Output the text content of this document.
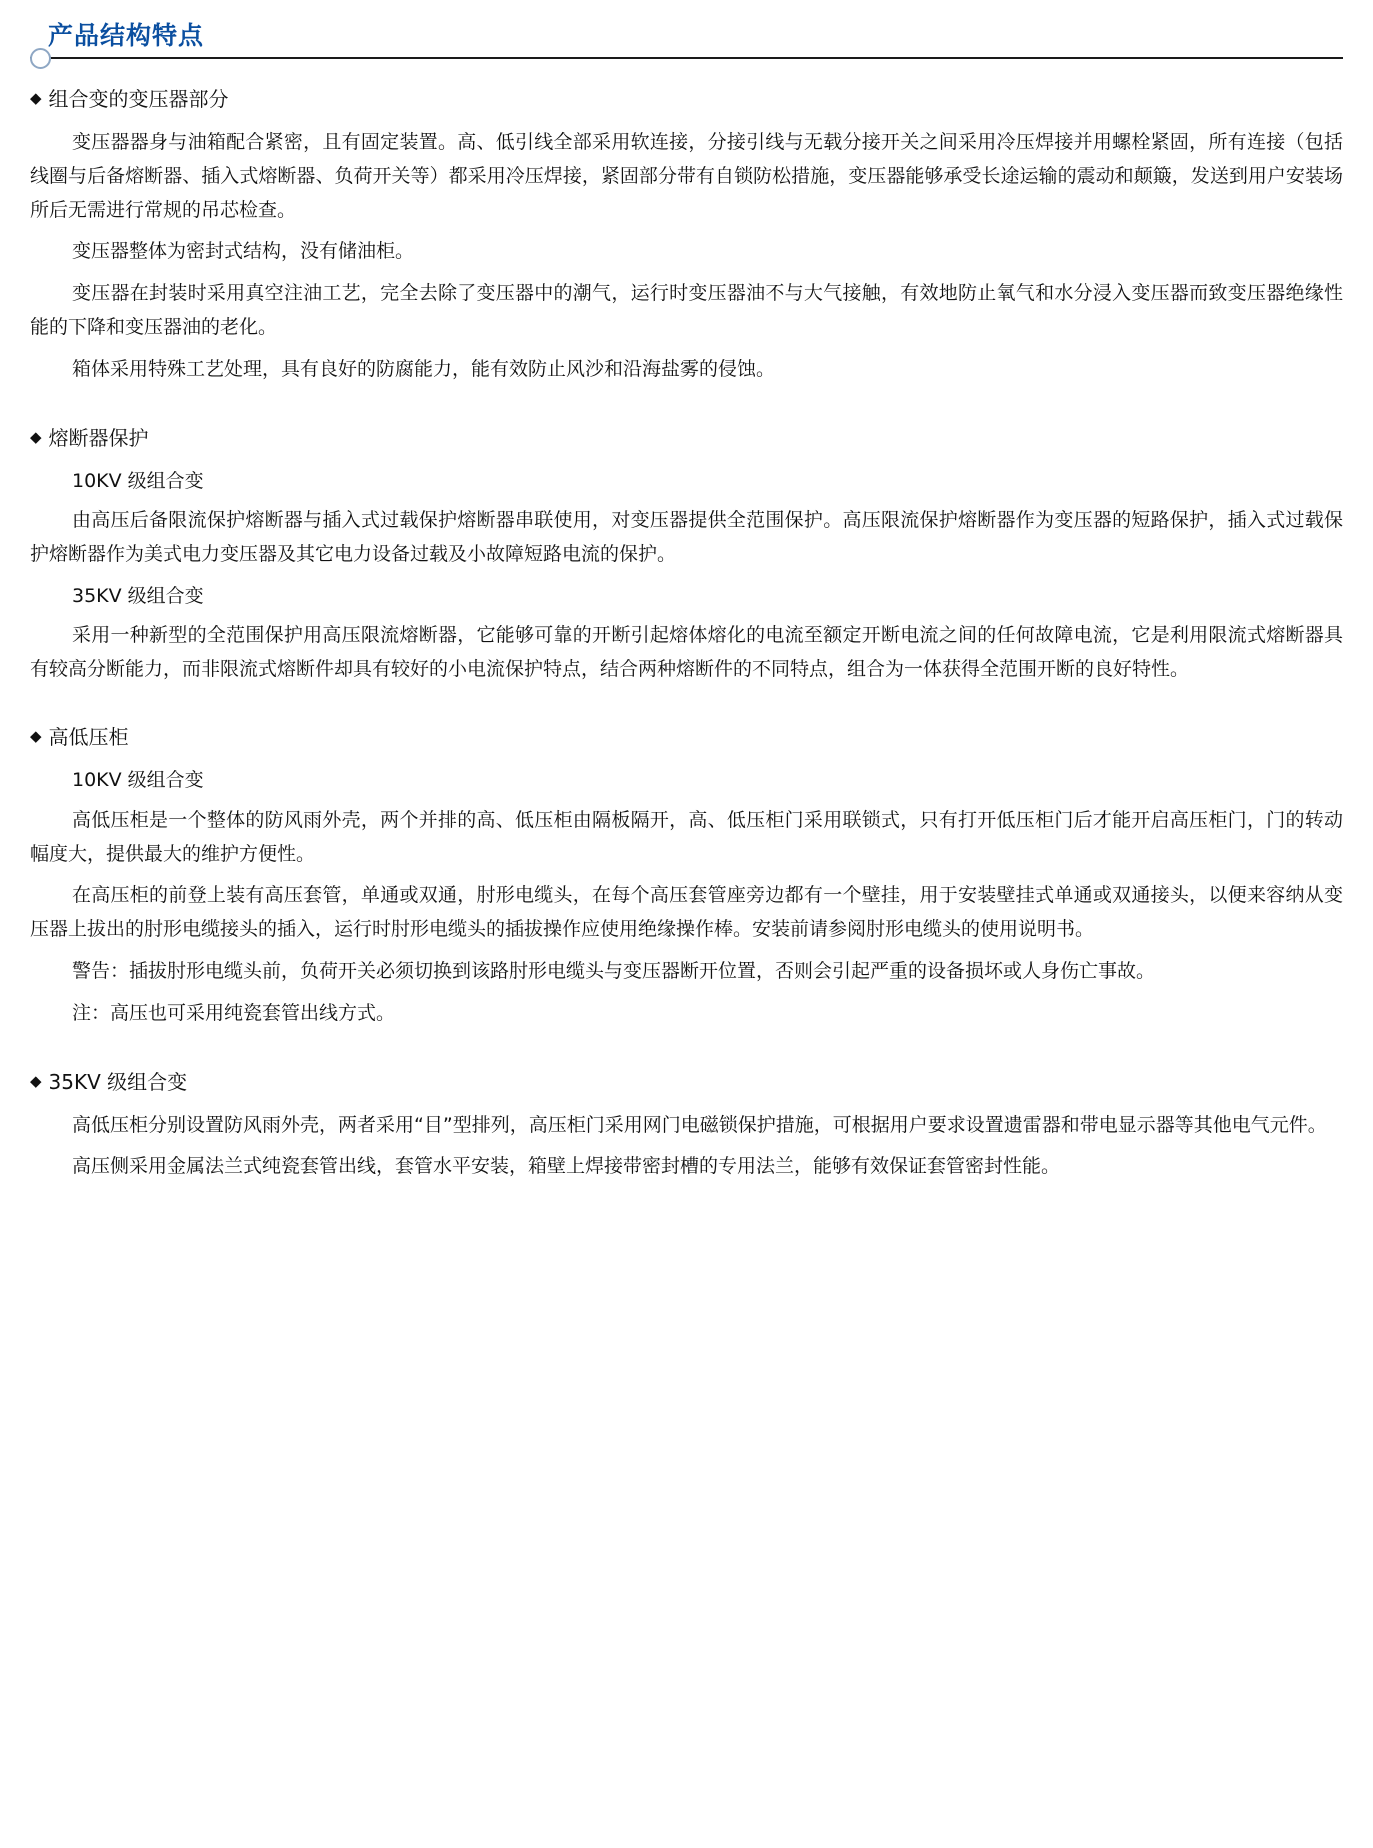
产品结构特点
◆ 组合变的变压器部分

变压器器身与油箱配合紧密，且有固定装置。高、低引线全部采用软连接，分接引线与无载分接开关之间采用冷压焊接并用螺栓紧固，所有连接（包括线圈与后备熔断器、插入式熔断器、负荷开关等）都采用冷压焊接，紧固部分带有自锁防松措施，变压器能够承受长途运输的震动和颠簸，发送到用户安装场所后无需进行常规的吊芯检查。

变压器整体为密封式结构，没有储油柜。

变压器在封装时采用真空注油工艺，完全去除了变压器中的潮气，运行时变压器油不与大气接触，有效地防止氧气和水分浸入变压器而致变压器绝缘性能的下降和变压器油的老化。

箱体采用特殊工艺处理，具有良好的防腐能力，能有效防止风沙和沿海盐雾的侵蚀。

◆ 熔断器保护
10KV 级组合变

由高压后备限流保护熔断器与插入式过载保护熔断器串联使用，对变压器提供全范围保护。高压限流保护熔断器作为变压器的短路保护，插入式过载保护熔断器作为美式电力变压器及其它电力设备过载及小故障短路电流的保护。

35KV 级组合变

采用一种新型的全范围保护用高压限流熔断器，它能够可靠的开断引起熔体熔化的电流至额定开断电流之间的任何故障电流，它是利用限流式熔断器具有较高分断能力，而非限流式熔断件却具有较好的小电流保护特点，结合两种熔断件的不同特点，组合为一体获得全范围开断的良好特性。

◆ 高低压柜
10KV 级组合变

高低压柜是一个整体的防风雨外壳，两个并排的高、低压柜由隔板隔开，高、低压柜门采用联锁式，只有打开低压柜门后才能开启高压柜门，门的转动幅度大，提供最大的维护方便性。

在高压柜的前登上装有高压套管，单通或双通，肘形电缆头，在每个高压套管座旁边都有一个壁挂，用于安装壁挂式单通或双通接头，以便来容纳从变压器上拔出的肘形电缆接头的插入，运行时肘形电缆头的插拔操作应使用绝缘操作棒。安装前请参阅肘形电缆头的使用说明书。

警告：插拔肘形电缆头前，负荷开关必须切换到该路肘形电缆头与变压器断开位置，否则会引起严重的设备损坏或人身伤亡事故。

注：高压也可采用纯瓷套管出线方式。

◆ 35KV 级组合变

高低压柜分别设置防风雨外壳，两者采用“目”型排列，高压柜门采用网门电磁锁保护措施，可根据用户要求设置遗雷器和带电显示器等其他电气元件。

高压侧采用金属法兰式纯瓷套管出线，套管水平安装，箱壁上焊接带密封槽的专用法兰，能够有效保证套管密封性能。
